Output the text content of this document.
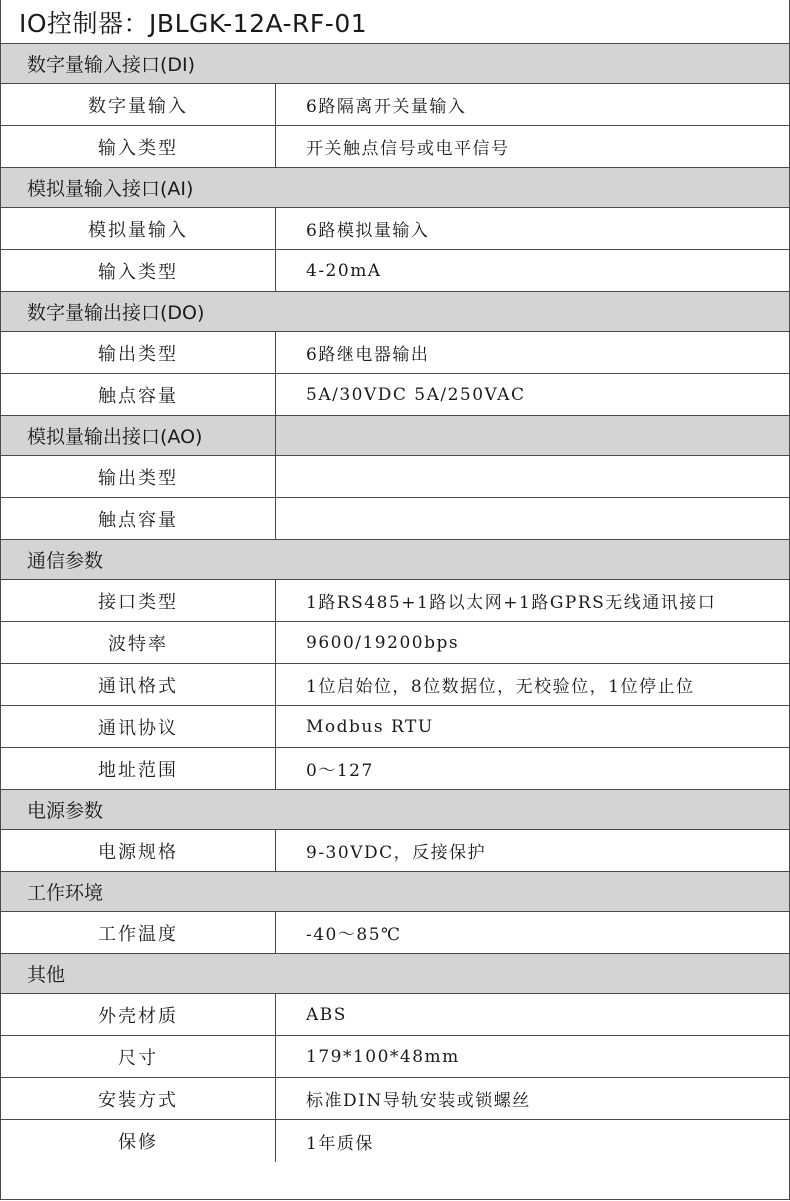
IO控制器：JBLGK-12A-RF-01
数字量输入接口(DI)
数字量输入	6路隔离开关量输入
输入类型	开关触点信号或电平信号
模拟量输入接口(AI)
模拟量输入	6路模拟量输入
输入类型	4-20mA
数字量输出接口(DO)
输出类型	6路继电器输出
触点容量	5A/30VDC 5A/250VAC
模拟量输出接口(AO)
输出类型
触点容量
通信参数
接口类型	1路RS485+1路以太网+1路GPRS无线通讯接口
波特率	9600/19200bps
通讯格式	1位启始位，8位数据位，无校验位，1位停止位
通讯协议	Modbus RTU
地址范围	0～127
电源参数
电源规格	9-30VDC，反接保护
工作环境
工作温度	-40～85℃
其他
外壳材质	ABS
尺寸	179*100*48mm
安装方式	标准DIN导轨安装或锁螺丝
保修	1年质保
